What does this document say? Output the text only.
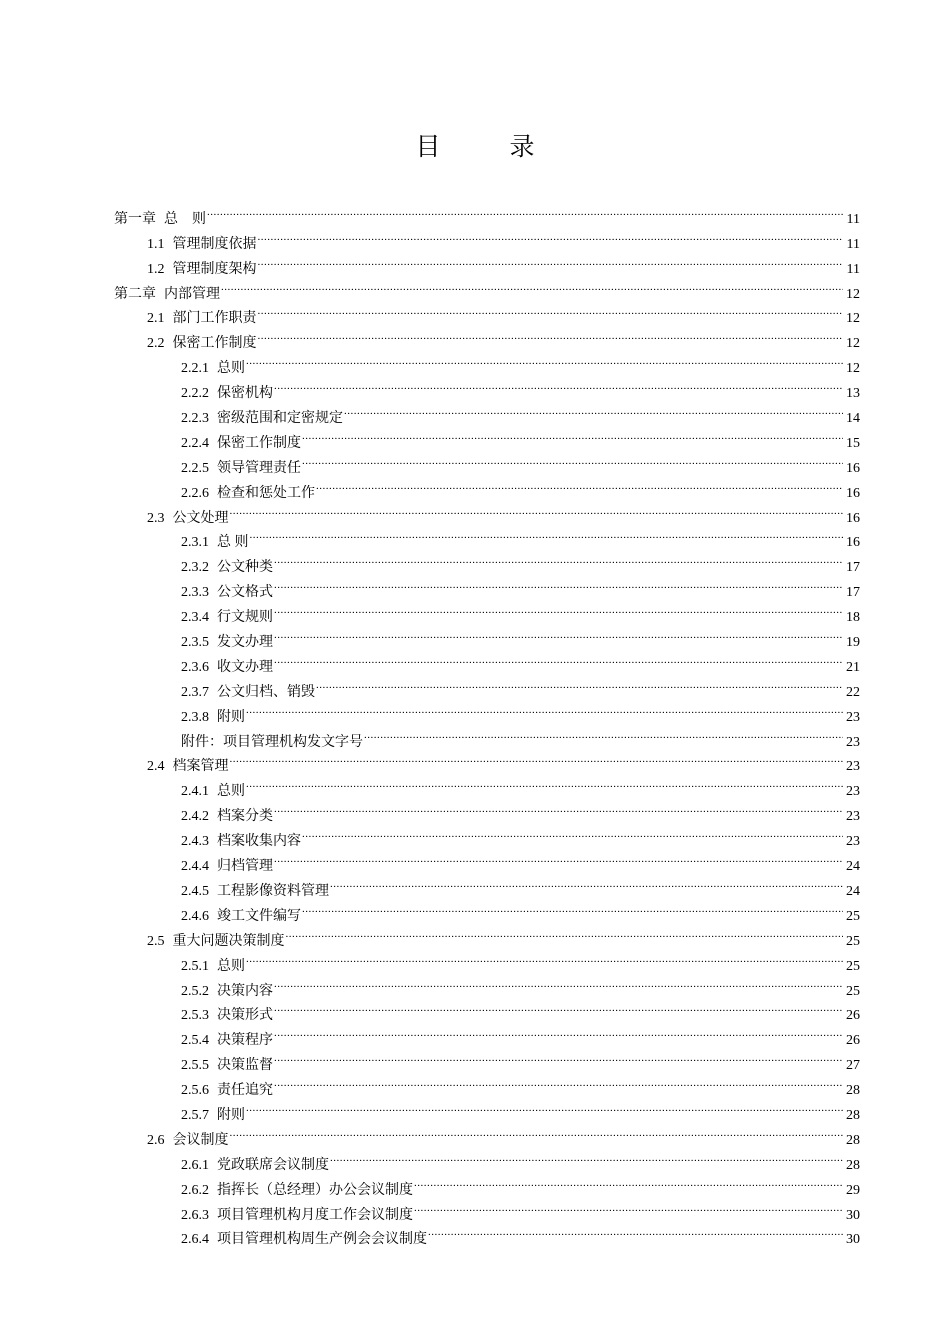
目　录
第一章 总　则 .....	11
1.1 管理制度依据 .....	11
1.2 管理制度架构 .....	11
第二章 内部管理 .....	12
2.1 部门工作职责 .....	12
2.2 保密工作制度 .....	12
2.2.1 总则 .....	12
2.2.2 保密机构 .....	13
2.2.3 密级范围和定密规定 .....	14
2.2.4 保密工作制度 .....	15
2.2.5 领导管理责任 .....	16
2.2.6 检查和惩处工作 .....	16
2.3 公文处理 .....	16
2.3.1 总 则 .....	16
2.3.2 公文种类 .....	17
2.3.3 公文格式 .....	17
2.3.4 行文规则 .....	18
2.3.5 发文办理 .....	19
2.3.6 收文办理 .....	21
2.3.7 公文归档、销毁 .....	22
2.3.8 附则 .....	23
附件：项目管理机构发文字号 .....	23
2.4 档案管理 .....	23
2.4.1 总则 .....	23
2.4.2 档案分类 .....	23
2.4.3 档案收集内容 .....	23
2.4.4 归档管理 .....	24
2.4.5 工程影像资料管理 .....	24
2.4.6 竣工文件编写 .....	25
2.5 重大问题决策制度 .....	25
2.5.1 总则 .....	25
2.5.2 决策内容 .....	25
2.5.3 决策形式 .....	26
2.5.4 决策程序 .....	26
2.5.5 决策监督 .....	27
2.5.6 责任追究 .....	28
2.5.7 附则 .....	28
2.6 会议制度 .....	28
2.6.1 党政联席会议制度 .....	28
2.6.2 指挥长（总经理）办公会议制度 .....	29
2.6.3 项目管理机构月度工作会议制度 .....	30
2.6.4 项目管理机构周生产例会会议制度 .....	30
